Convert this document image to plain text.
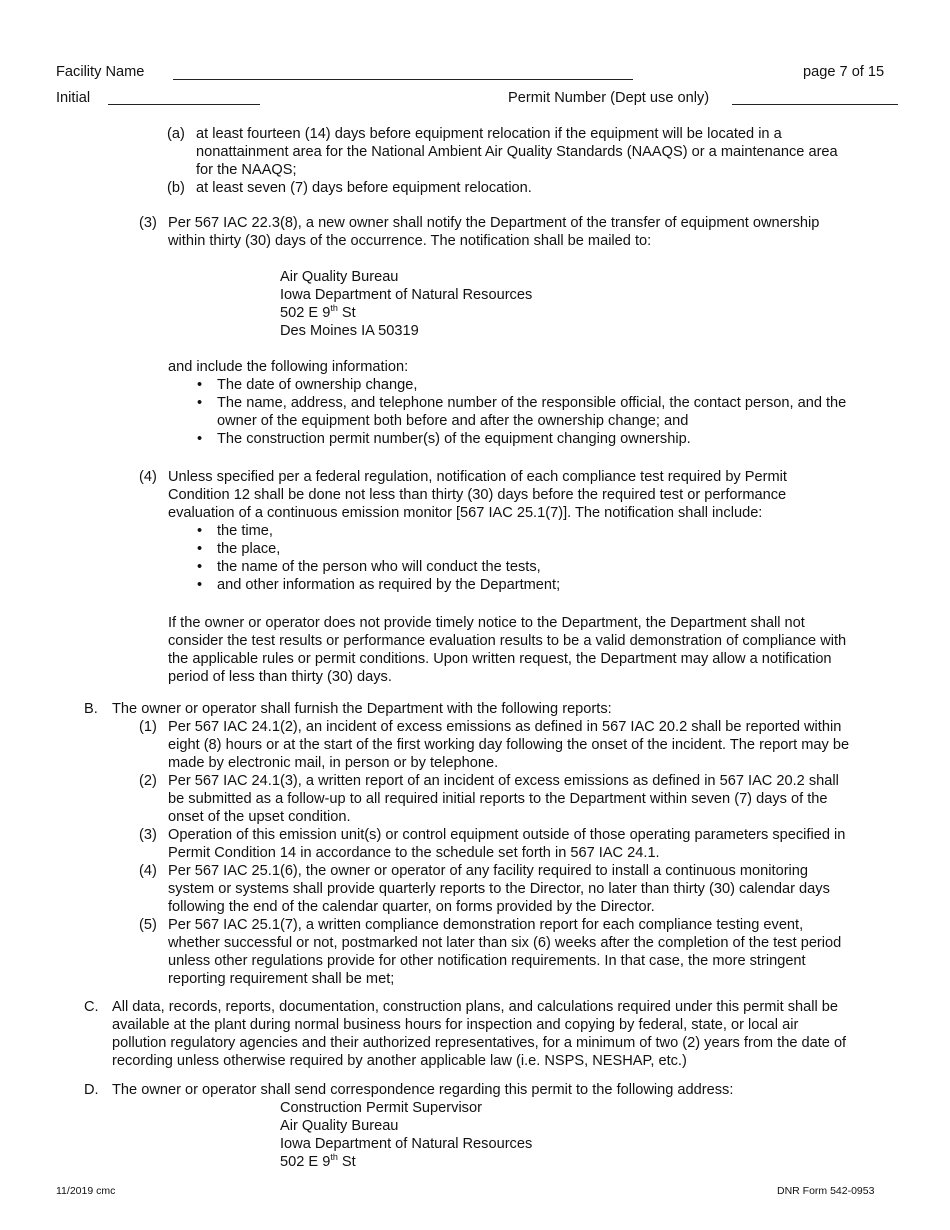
Facility Name	page 7 of 15
Initial	Permit Number (Dept use only)
(a) at least fourteen (14) days before equipment relocation if the equipment will be located in a
nonattainment area for the National Ambient Air Quality Standards (NAAQS) or a maintenance area
for the NAAQS;
(b) at least seven (7) days before equipment relocation.
(3) Per 567 IAC 22.3(8), a new owner shall notify the Department of the transfer of equipment ownership
within thirty (30) days of the occurrence. The notification shall be mailed to:
Air Quality Bureau
Iowa Department of Natural Resources
502 E 9th St
Des Moines IA 50319
and include the following information:
• The date of ownership change,
• The name, address, and telephone number of the responsible official, the contact person, and the
owner of the equipment both before and after the ownership change; and
• The construction permit number(s) of the equipment changing ownership.
(4) Unless specified per a federal regulation, notification of each compliance test required by Permit
Condition 12 shall be done not less than thirty (30) days before the required test or performance
evaluation of a continuous emission monitor [567 IAC 25.1(7)]. The notification shall include:
• the time,
• the place,
• the name of the person who will conduct the tests,
• and other information as required by the Department;
If the owner or operator does not provide timely notice to the Department, the Department shall not
consider the test results or performance evaluation results to be a valid demonstration of compliance with
the applicable rules or permit conditions. Upon written request, the Department may allow a notification
period of less than thirty (30) days.
B. The owner or operator shall furnish the Department with the following reports:
(1) Per 567 IAC 24.1(2), an incident of excess emissions as defined in 567 IAC 20.2 shall be reported within
eight (8) hours or at the start of the first working day following the onset of the incident. The report may be
made by electronic mail, in person or by telephone.
(2) Per 567 IAC 24.1(3), a written report of an incident of excess emissions as defined in 567 IAC 20.2 shall
be submitted as a follow-up to all required initial reports to the Department within seven (7) days of the
onset of the upset condition.
(3) Operation of this emission unit(s) or control equipment outside of those operating parameters specified in
Permit Condition 14 in accordance to the schedule set forth in 567 IAC 24.1.
(4) Per 567 IAC 25.1(6), the owner or operator of any facility required to install a continuous monitoring
system or systems shall provide quarterly reports to the Director, no later than thirty (30) calendar days
following the end of the calendar quarter, on forms provided by the Director.
(5) Per 567 IAC 25.1(7), a written compliance demonstration report for each compliance testing event,
whether successful or not, postmarked not later than six (6) weeks after the completion of the test period
unless other regulations provide for other notification requirements. In that case, the more stringent
reporting requirement shall be met;
C. All data, records, reports, documentation, construction plans, and calculations required under this permit shall be
available at the plant during normal business hours for inspection and copying by federal, state, or local air
pollution regulatory agencies and their authorized representatives, for a minimum of two (2) years from the date of
recording unless otherwise required by another applicable law (i.e. NSPS, NESHAP, etc.)
D. The owner or operator shall send correspondence regarding this permit to the following address:
Construction Permit Supervisor
Air Quality Bureau
Iowa Department of Natural Resources
502 E 9th St
11/2019 cmc	DNR Form 542-0953
